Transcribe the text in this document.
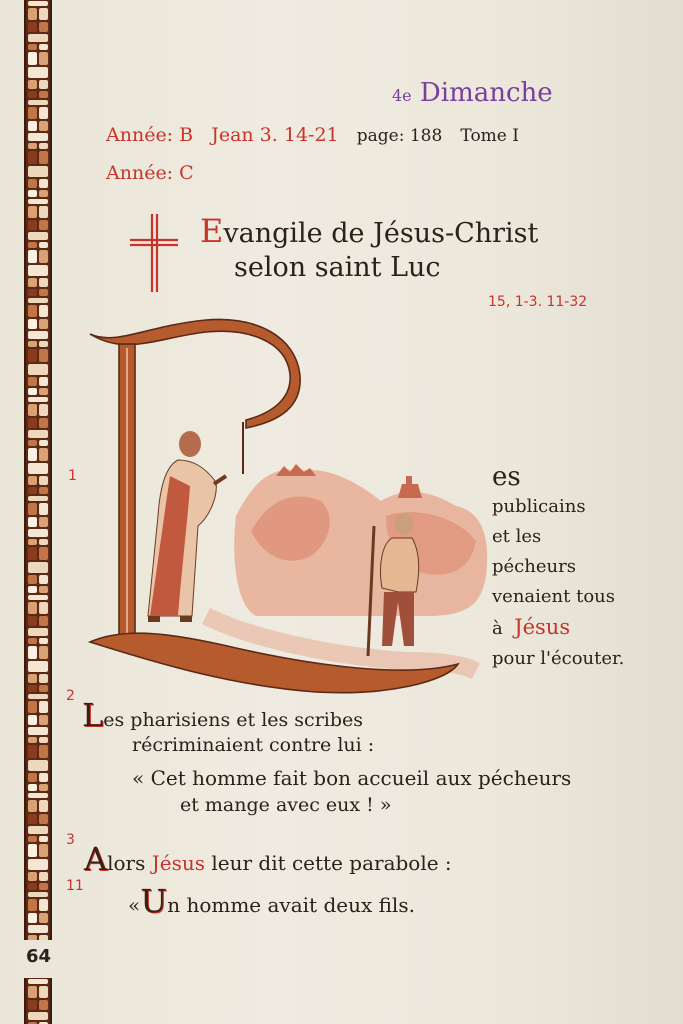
4e Dimanche
Année: B Jean 3. 14-21 page: 188 Tome I
Année: C
Evangile de Jésus-Christ
selon saint Luc
15, 1-3. 11-32
1
2
3
11
es
publicains
et les
pécheurs
venaient tous
à Jésus
pour l'écouter.
Les pharisiens et les scribes
récriminaient contre lui :
« Cet homme fait bon accueil aux pécheurs
et mange avec eux ! »
Alors Jésus leur dit cette parabole :
«Un homme avait deux fils.
64
